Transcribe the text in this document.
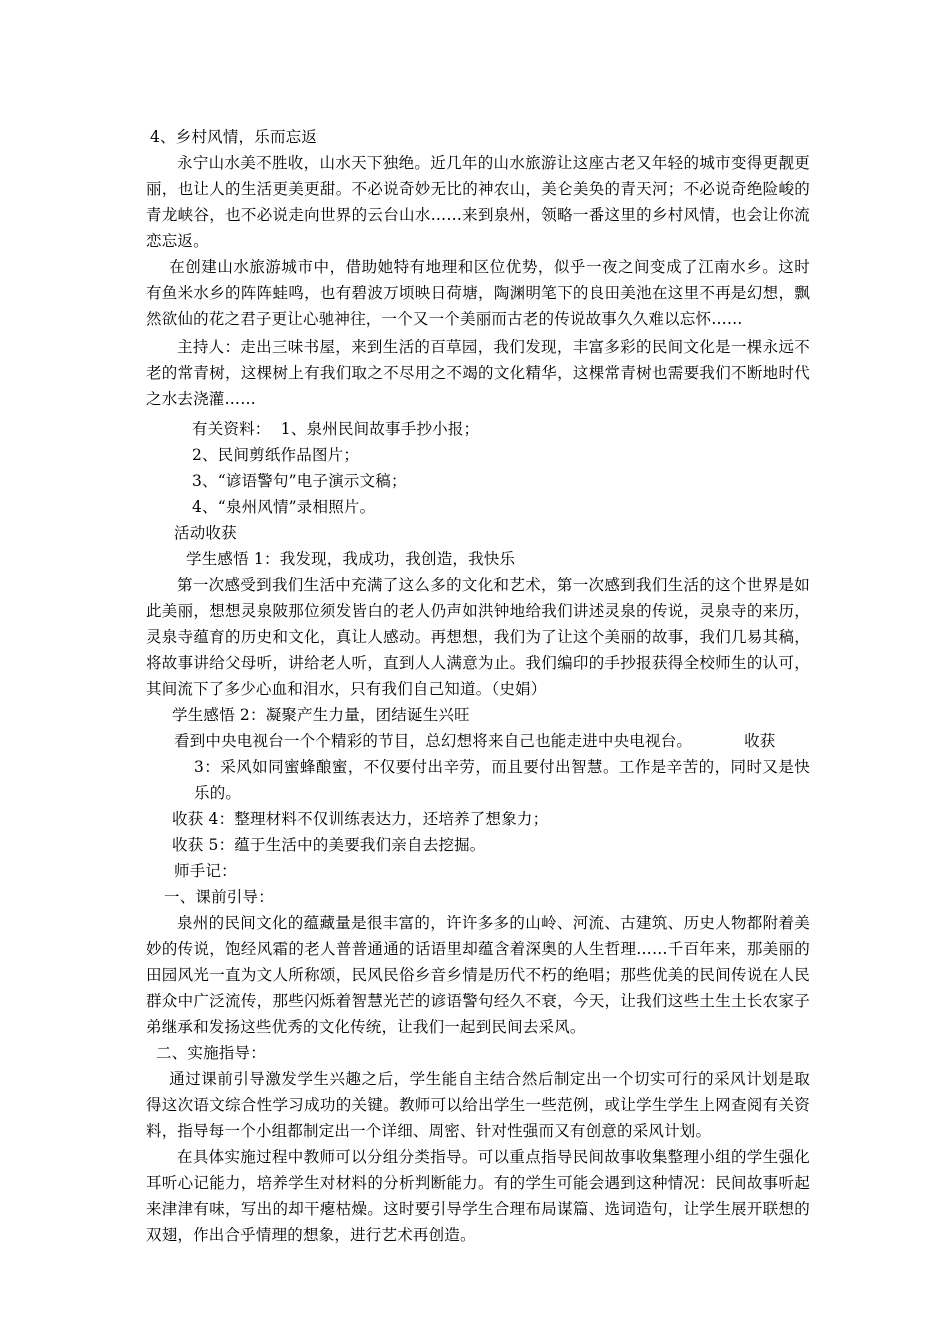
4、乡村风情，乐而忘返

永宁山水美不胜收，山水天下独绝。近几年的山水旅游让这座古老又年轻的城市变得更靓更丽，也让人的生活更美更甜。不必说奇妙无比的神农山，美仑美奂的青天河；不必说奇绝险峻的青龙峡谷，也不必说走向世界的云台山水……来到泉州，领略一番这里的乡村风情，也会让你流恋忘返。

在创建山水旅游城市中，借助她特有地理和区位优势，似乎一夜之间变成了江南水乡。这时有鱼米水乡的阵阵蛙鸣，也有碧波万顷映日荷塘，陶渊明笔下的良田美池在这里不再是幻想，飘然欲仙的花之君子更让心驰神往，一个又一个美丽而古老的传说故事久久难以忘怀……

主持人：走出三味书屋，来到生活的百草园，我们发现，丰富多彩的民间文化是一棵永远不老的常青树，这棵树上有我们取之不尽用之不竭的文化精华，这棵常青树也需要我们不断地时代之水去浇灌……

有关资料： 1、泉州民间故事手抄小报；

2、民间剪纸作品图片；

3、“谚语警句”电子演示文稿；

4、“泉州风情”录相照片。

活动收获

学生感悟 1：我发现，我成功，我创造，我快乐

第一次感受到我们生活中充满了这么多的文化和艺术，第一次感到我们生活的这个世界是如此美丽，想想灵泉陂那位须发皆白的老人仍声如洪钟地给我们讲述灵泉的传说，灵泉寺的来历，灵泉寺蕴育的历史和文化，真让人感动。再想想，我们为了让这个美丽的故事，我们几易其稿，将故事讲给父母听，讲给老人听，直到人人满意为止。我们编印的手抄报获得全校师生的认可，其间流下了多少心血和泪水，只有我们自己知道。（史娟）

学生感悟 2：凝聚产生力量，团结诞生兴旺

看到中央电视台一个个精彩的节目，总幻想将来自己也能走进中央电视台。	收获

3：采风如同蜜蜂酿蜜，不仅要付出辛劳，而且要付出智慧。工作是辛苦的，同时又是快乐的。

收获 4：整理材料不仅训练表达力，还培养了想象力；

收获 5：蕴于生活中的美要我们亲自去挖掘。

师手记：

一、课前引导：

泉州的民间文化的蕴藏量是很丰富的，许许多多的山岭、河流、古建筑、历史人物都附着美妙的传说，饱经风霜的老人普普通通的话语里却蕴含着深奥的人生哲理……千百年来，那美丽的田园风光一直为文人所称颂，民风民俗乡音乡情是历代不朽的绝唱；那些优美的民间传说在人民群众中广泛流传，那些闪烁着智慧光芒的谚语警句经久不衰，今天，让我们这些土生土长农家子弟继承和发扬这些优秀的文化传统，让我们一起到民间去采风。

二、实施指导：

通过课前引导激发学生兴趣之后，学生能自主结合然后制定出一个切实可行的采风计划是取得这次语文综合性学习成功的关键。教师可以给出学生一些范例，或让学生学生上网查阅有关资料，指导每一个小组都制定出一个详细、周密、针对性强而又有创意的采风计划。

在具体实施过程中教师可以分组分类指导。可以重点指导民间故事收集整理小组的学生强化耳听心记能力，培养学生对材料的分析判断能力。有的学生可能会遇到这种情况：民间故事听起来津津有味，写出的却干瘪枯燥。这时要引导学生合理布局谋篇、选词造句，让学生展开联想的双翅，作出合乎情理的想象，进行艺术再创造。
